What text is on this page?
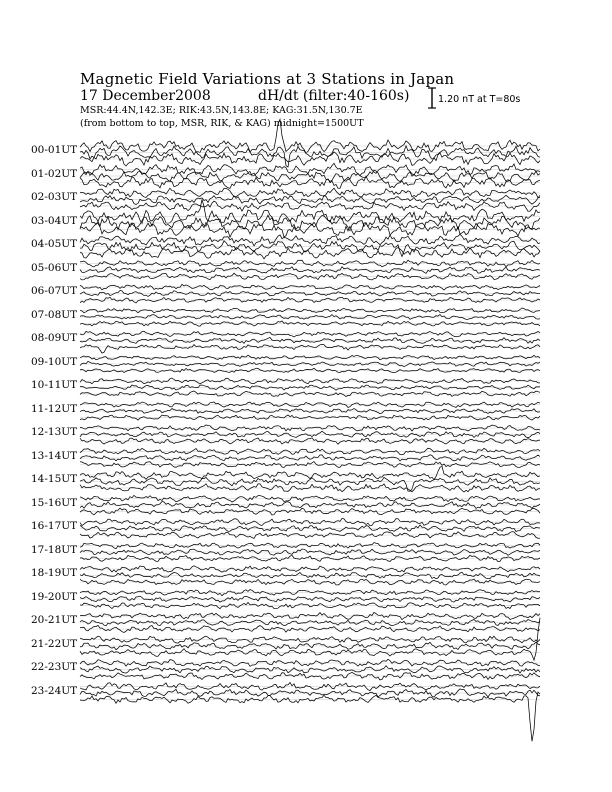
Magnetic Field Variations at 3 Stations in Japan
17 December2008	dH/dt (filter:40-160s)
MSR:44.4N,142.3E; RIK:43.5N,143.8E; KAG:31.5N,130.7E
(from bottom to top, MSR, RIK, & KAG) midnight=1500UT
1.20 nT at T=80s
00-01UT
01-02UT
02-03UT
03-04UT
04-05UT
05-06UT
06-07UT
07-08UT
08-09UT
09-10UT
10-11UT
11-12UT
12-13UT
13-14UT
14-15UT
15-16UT
16-17UT
17-18UT
18-19UT
19-20UT
20-21UT
21-22UT
22-23UT
23-24UT
